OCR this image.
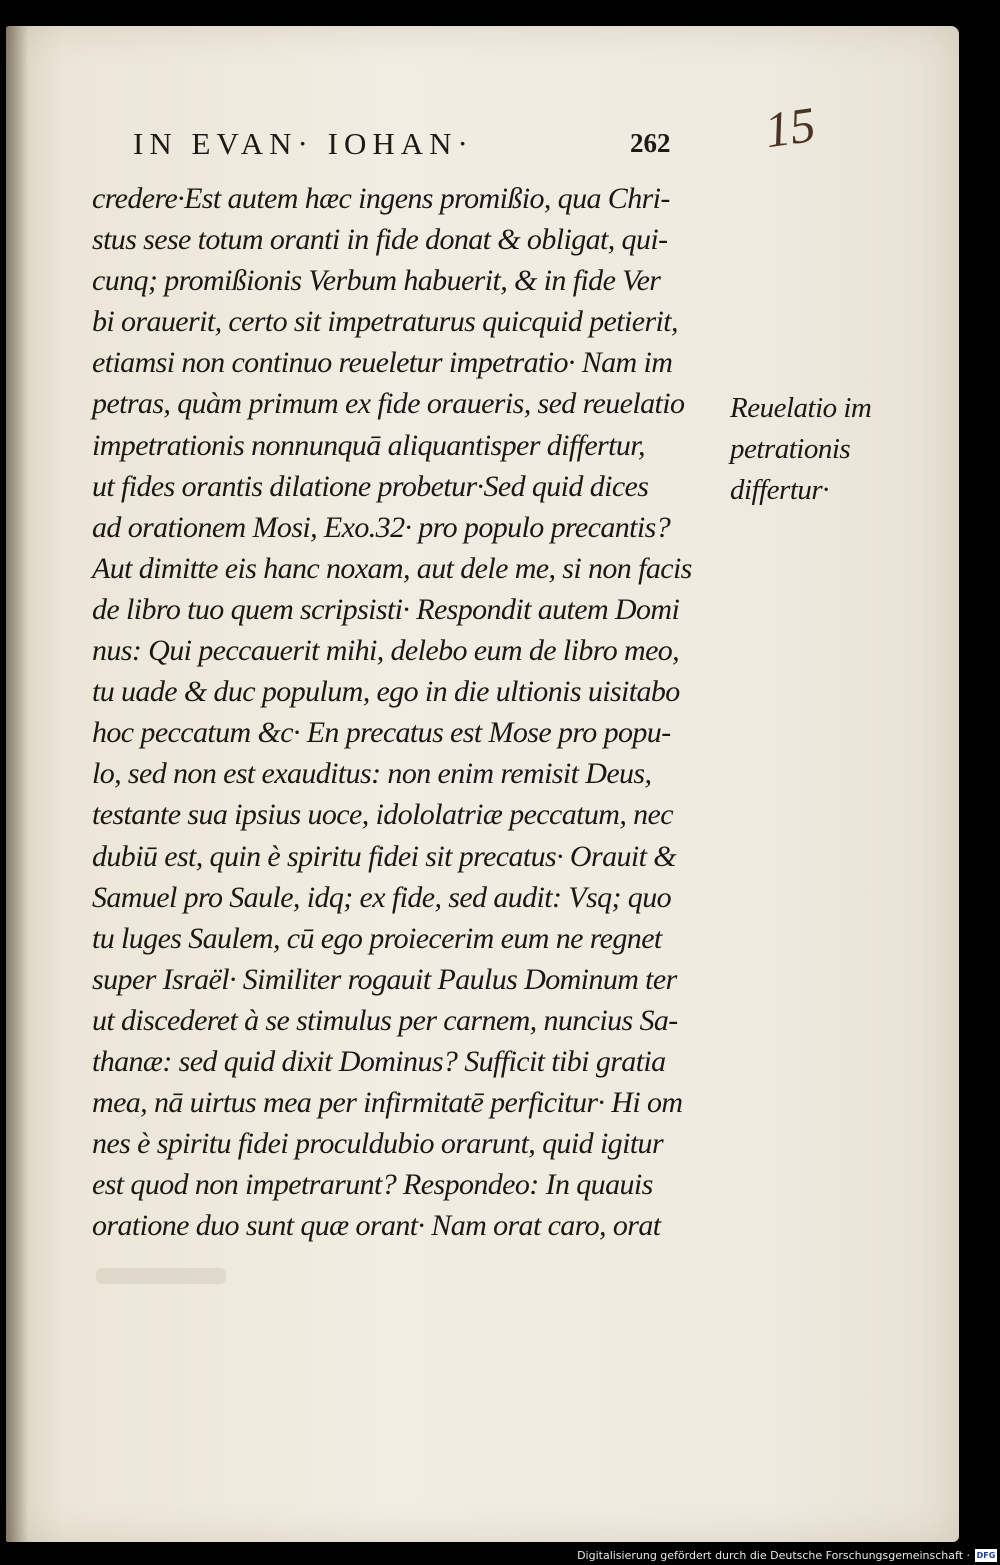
IN EVAN· IOHAN·	262 15
credere·Est autem hæc ingens promißio, qua Chri-
stus sese totum oranti in fide donat & obligat, qui-
cunq; promißionis Verbum habuerit, & in fide Ver
bi orauerit, certo sit impetraturus quicquid petierit,
etiamsi non continuo reueletur impetratio· Nam im
petras, quàm primum ex fide oraueris, sed reuelatio
impetrationis nonnunquā aliquantisper differtur,
ut fides orantis dilatione probetur·Sed quid dices
ad orationem Mosi, Exo.32· pro populo precantis?
Aut dimitte eis hanc noxam, aut dele me, si non facis
de libro tuo quem scripsisti· Respondit autem Domi
nus: Qui peccauerit mihi, delebo eum de libro meo,
tu uade & duc populum, ego in die ultionis uisitabo
hoc peccatum &c· En precatus est Mose pro popu-
lo, sed non est exauditus: non enim remisit Deus,
testante sua ipsius uoce, idololatriæ peccatum, nec
dubiū est, quin è spiritu fidei sit precatus· Orauit &
Samuel pro Saule, idq; ex fide, sed audit: Vsq; quo
tu luges Saulem, cū ego proiecerim eum ne regnet
super Israël· Similiter rogauit Paulus Dominum ter
ut discederet à se stimulus per carnem, nuncius Sa-
thanæ: sed quid dixit Dominus? Sufficit tibi gratia
mea, nā uirtus mea per infirmitatē perficitur· Hi om
nes è spiritu fidei proculdubio orarunt, quid igitur
est quod non impetrarunt? Respondeo: In quauis
oratione duo sunt quæ orant· Nam orat caro, orat
Reuelatio im
petrationis
differtur·
Digitalisierung gefördert durch die Deutsche Forschungsgemeinschaft · DFG
